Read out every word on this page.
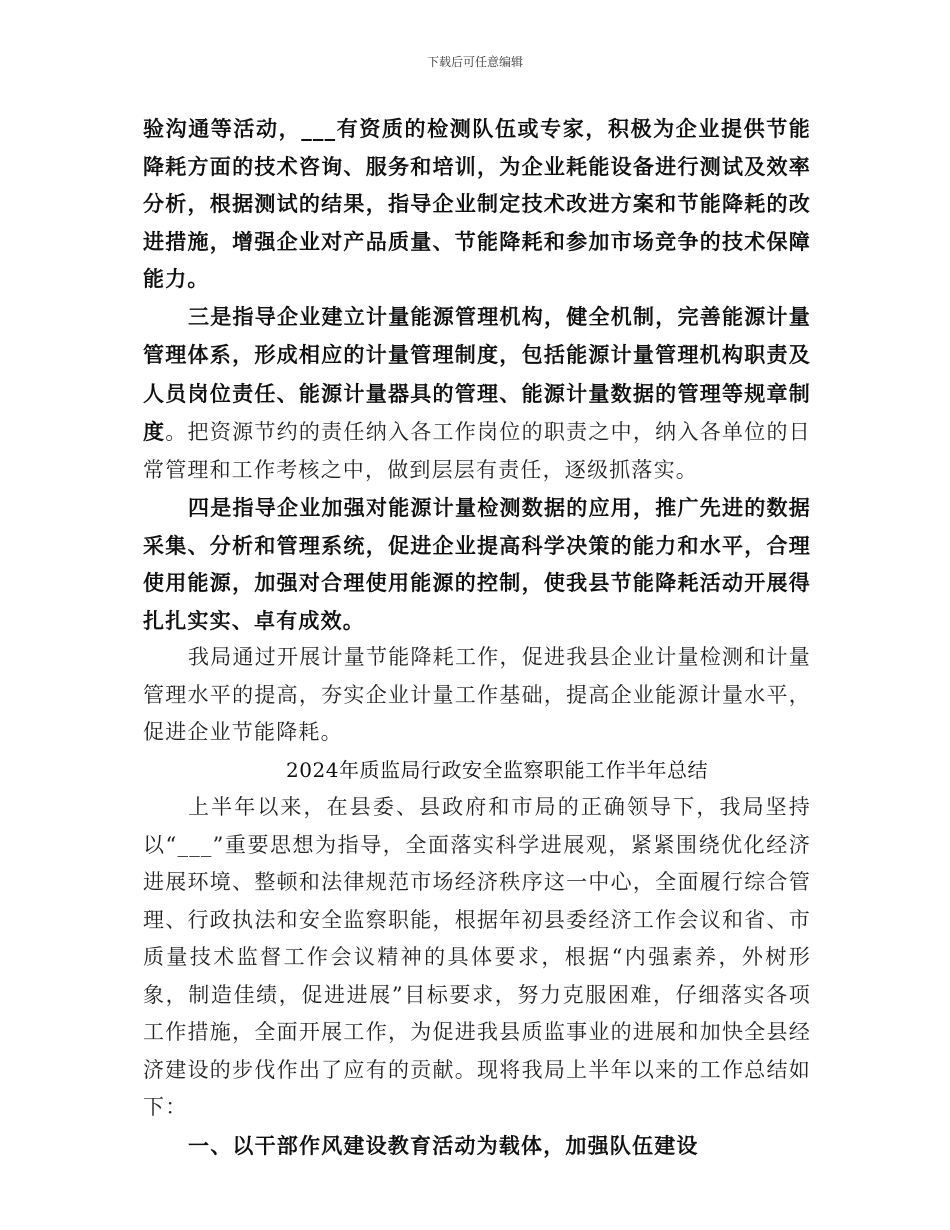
下载后可任意编辑

验沟通等活动，___有资质的检测队伍或专家，积极为企业提供节能降耗方面的技术咨询、服务和培训，为企业耗能设备进行测试及效率分析，根据测试的结果，指导企业制定技术改进方案和节能降耗的改进措施，增强企业对产品质量、节能降耗和参加市场竞争的技术保障能力。

三是指导企业建立计量能源管理机构，健全机制，完善能源计量管理体系，形成相应的计量管理制度，包括能源计量管理机构职责及人员岗位责任、能源计量器具的管理、能源计量数据的管理等规章制度。把资源节约的责任纳入各工作岗位的职责之中，纳入各单位的日常管理和工作考核之中，做到层层有责任，逐级抓落实。

四是指导企业加强对能源计量检测数据的应用，推广先进的数据采集、分析和管理系统，促进企业提高科学决策的能力和水平，合理使用能源，加强对合理使用能源的控制，使我县节能降耗活动开展得扎扎实实、卓有成效。

我局通过开展计量节能降耗工作，促进我县企业计量检测和计量管理水平的提高，夯实企业计量工作基础，提高企业能源计量水平，促进企业节能降耗。

2024年质监局行政安全监察职能工作半年总结

上半年以来，在县委、县政府和市局的正确领导下，我局坚持以“___”重要思想为指导，全面落实科学进展观，紧紧围绕优化经济进展环境、整顿和法律规范市场经济秩序这一中心，全面履行综合管理、行政执法和安全监察职能，根据年初县委经济工作会议和省、市质量技术监督工作会议精神的具体要求，根据“内强素养，外树形象，制造佳绩，促进进展”目标要求，努力克服困难，仔细落实各项工作措施，全面开展工作，为促进我县质监事业的进展和加快全县经济建设的步伐作出了应有的贡献。现将我局上半年以来的工作总结如下：

一、以干部作风建设教育活动为载体，加强队伍建设
